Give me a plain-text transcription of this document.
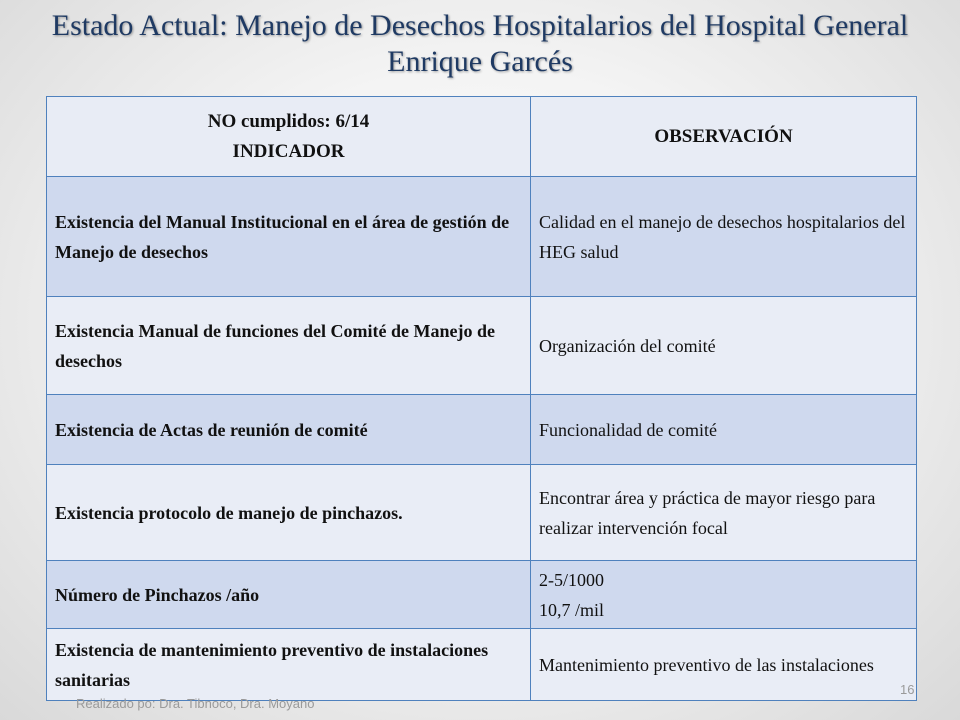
Estado Actual: Manejo de Desechos Hospitalarios del Hospital General Enrique Garcés
NO cumplidos: 6/14
INDICADOR	OBSERVACIÓN
Existencia del Manual Institucional en el área de gestión de Manejo de desechos	Calidad en el manejo de desechos hospitalarios del HEG salud
Existencia Manual de funciones del Comité de Manejo de desechos	Organización del comité
Existencia de Actas de reunión de comité	Funcionalidad de comité
Existencia protocolo de manejo de pinchazos.	Encontrar área y práctica de mayor riesgo para realizar intervención focal
Número de Pinchazos /año	2-5/1000
10,7 /mil

Existencia de mantenimiento preventivo de instalaciones sanitarias	Mantenimiento preventivo de las instalaciones
Realizado po: Dra. Tibnoco, Dra. Moyano
16
